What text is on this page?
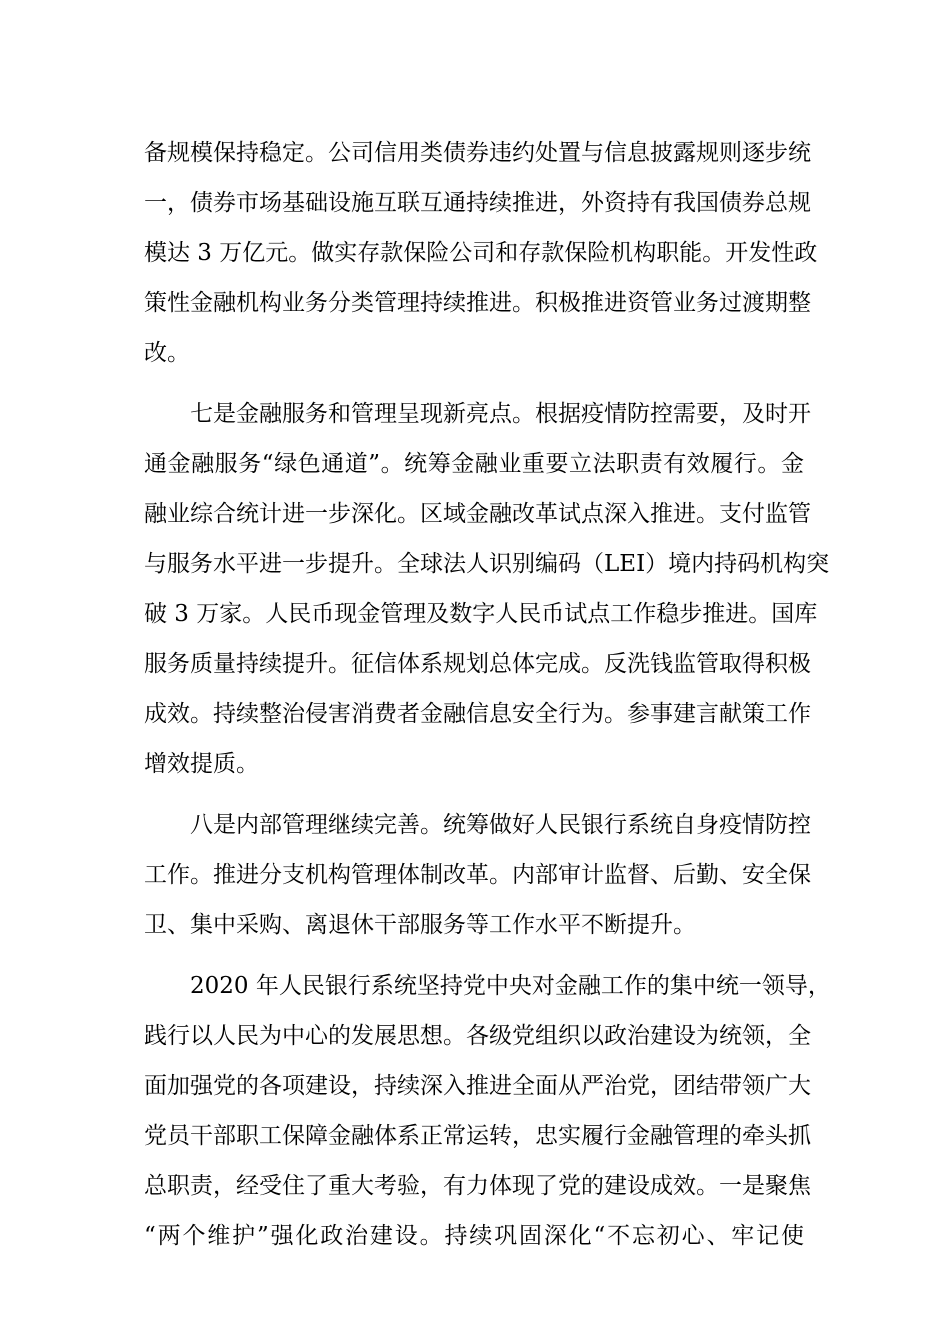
备规模保持稳定。公司信用类债券违约处置与信息披露规则逐步统
一，债券市场基础设施互联互通持续推进，外资持有我国债券总规
模达 3 万亿元。做实存款保险公司和存款保险机构职能。开发性政
策性金融机构业务分类管理持续推进。积极推进资管业务过渡期整
改。
　　七是金融服务和管理呈现新亮点。根据疫情防控需要，及时开
通金融服务“绿色通道”。统筹金融业重要立法职责有效履行。金
融业综合统计进一步深化。区域金融改革试点深入推进。支付监管
与服务水平进一步提升。全球法人识别编码（LEI）境内持码机构突
破 3 万家。人民币现金管理及数字人民币试点工作稳步推进。国库
服务质量持续提升。征信体系规划总体完成。反洗钱监管取得积极
成效。持续整治侵害消费者金融信息安全行为。参事建言献策工作
增效提质。
　　八是内部管理继续完善。统筹做好人民银行系统自身疫情防控
工作。推进分支机构管理体制改革。内部审计监督、后勤、安全保
卫、集中采购、离退休干部服务等工作水平不断提升。
　　2020 年人民银行系统坚持党中央对金融工作的集中统一领导，
践行以人民为中心的发展思想。各级党组织以政治建设为统领，全
面加强党的各项建设，持续深入推进全面从严治党，团结带领广大
党员干部职工保障金融体系正常运转，忠实履行金融管理的牵头抓
总职责，经受住了重大考验，有力体现了党的建设成效。一是聚焦
“两个维护”强化政治建设。持续巩固深化“不忘初心、牢记使
